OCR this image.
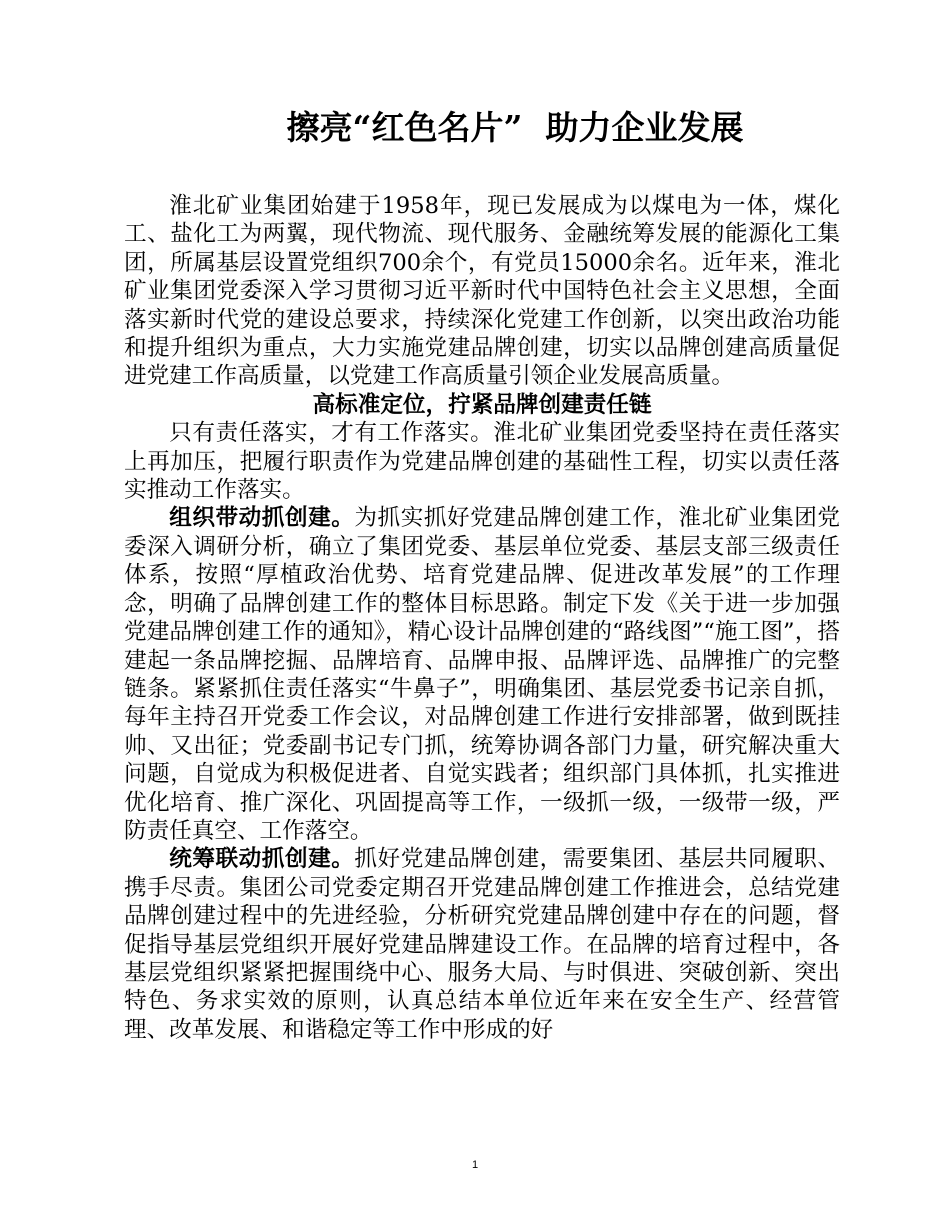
擦亮“红色名片”  助力企业发展

淮北矿业集团始建于1958年，现已发展成为以煤电为一体，煤化工、盐化工为两翼，现代物流、现代服务、金融统筹发展的能源化工集团，所属基层设置党组织700余个，有党员15000余名。近年来，淮北矿业集团党委深入学习贯彻习近平新时代中国特色社会主义思想，全面落实新时代党的建设总要求，持续深化党建工作创新，以突出政治功能和提升组织为重点，大力实施党建品牌创建，切实以品牌创建高质量促进党建工作高质量，以党建工作高质量引领企业发展高质量。

高标准定位，拧紧品牌创建责任链

只有责任落实，才有工作落实。淮北矿业集团党委坚持在责任落实上再加压，把履行职责作为党建品牌创建的基础性工程，切实以责任落实推动工作落实。

组织带动抓创建。为抓实抓好党建品牌创建工作，淮北矿业集团党委深入调研分析，确立了集团党委、基层单位党委、基层支部三级责任体系，按照“厚植政治优势、培育党建品牌、促进改革发展”的工作理念，明确了品牌创建工作的整体目标思路。制定下发《关于进一步加强党建品牌创建工作的通知》，精心设计品牌创建的“路线图”“施工图”，搭建起一条品牌挖掘、品牌培育、品牌申报、品牌评选、品牌推广的完整链条。紧紧抓住责任落实“牛鼻子”，明确集团、基层党委书记亲自抓，每年主持召开党委工作会议，对品牌创建工作进行安排部署，做到既挂帅、又出征；党委副书记专门抓，统筹协调各部门力量，研究解决重大问题，自觉成为积极促进者、自觉实践者；组织部门具体抓，扎实推进优化培育、推广深化、巩固提高等工作，一级抓一级，一级带一级，严防责任真空、工作落空。

统筹联动抓创建。抓好党建品牌创建，需要集团、基层共同履职、携手尽责。集团公司党委定期召开党建品牌创建工作推进会，总结党建品牌创建过程中的先进经验，分析研究党建品牌创建中存在的问题，督促指导基层党组织开展好党建品牌建设工作。在品牌的培育过程中，各基层党组织紧紧把握围绕中心、服务大局、与时俱进、突破创新、突出特色、务求实效的原则，认真总结本单位近年来在安全生产、经营管理、改革发展、和谐稳定等工作中形成的好

1
